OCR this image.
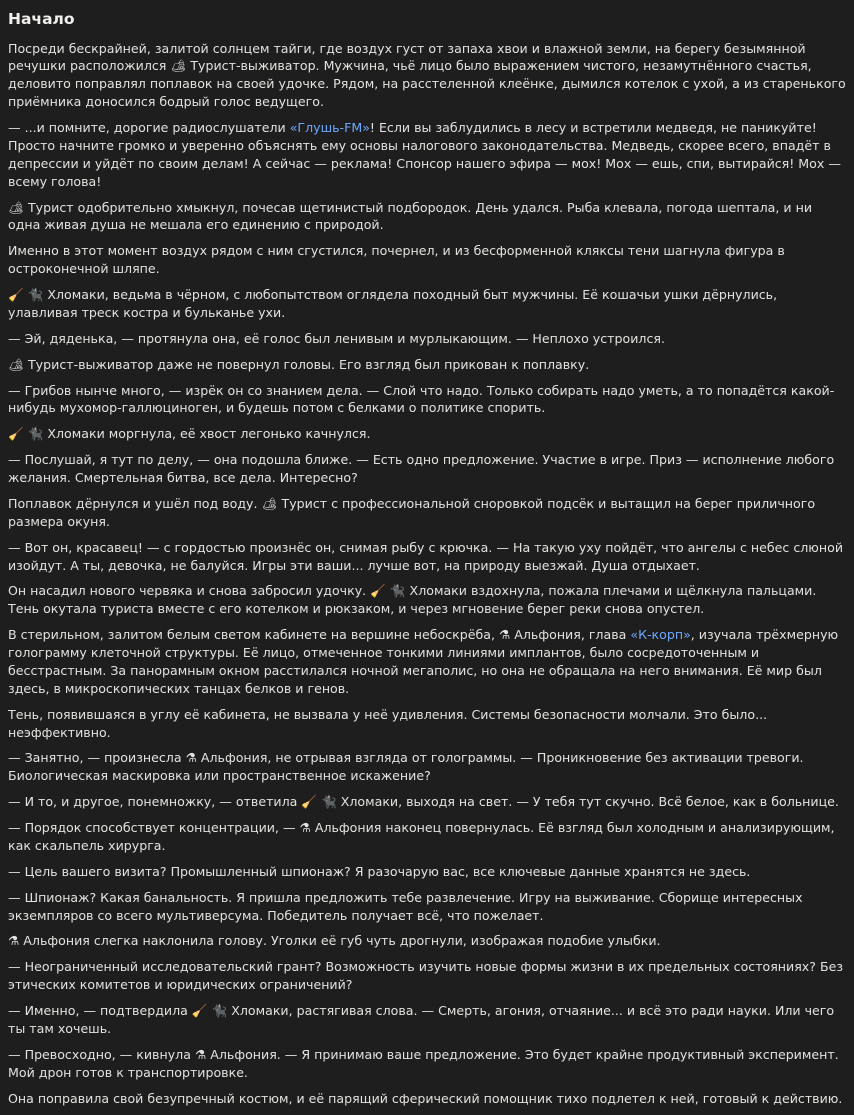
Начало

Посреди бескрайней, залитой солнцем тайги, где воздух густ от запаха хвои и влажной земли, на берегу безымянной речушки расположился 🏕 Турист-выживатор. Мужчина, чьё лицо было выражением чистого, незамутнённого счастья, деловито поправлял поплавок на своей удочке. Рядом, на расстеленной клеёнке, дымился котелок с ухой, а из старенького приёмника доносился бодрый голос ведущего.

— ...и помните, дорогие радиослушатели «Глушь-FM»! Если вы заблудились в лесу и встретили медведя, не паникуйте! Просто начните громко и уверенно объяснять ему основы налогового законодательства. Медведь, скорее всего, впадёт в депрессии и уйдёт по своим делам! А сейчас — реклама! Спонсор нашего эфира — мох! Мох — ешь, спи, вытирайся! Мох — всему голова!

🏕 Турист одобрительно хмыкнул, почесав щетинистый подбородок. День удался. Рыба клевала, погода шептала, и ни одна живая душа не мешала его единению с природой.

Именно в этот момент воздух рядом с ним сгустился, почернел, и из бесформенной кляксы тени шагнула фигура в остроконечной шляпе.

🧹 🐈‍⬛ Хломаки, ведьма в чёрном, с любопытством оглядела походный быт мужчины. Её кошачьи ушки дёрнулись, улавливая треск костра и бульканье ухи.

— Эй, дяденька, — протянула она, её голос был ленивым и мурлыкающим. — Неплохо устроился.

🏕 Турист-выживатор даже не повернул головы. Его взгляд был прикован к поплавку.

— Грибов нынче много, — изрёк он со знанием дела. — Слой что надо. Только собирать надо уметь, а то попадётся какой-нибудь мухомор-галлюциноген, и будешь потом с белками о политике спорить.

🧹 🐈‍⬛ Хломаки моргнула, её хвост легонько качнулся.

— Послушай, я тут по делу, — она подошла ближе. — Есть одно предложение. Участие в игре. Приз — исполнение любого желания. Смертельная битва, все дела. Интересно?

Поплавок дёрнулся и ушёл под воду. 🏕 Турист с профессиональной сноровкой подсёк и вытащил на берег приличного размера окуня.

— Вот он, красавец! — с гордостью произнёс он, снимая рыбу с крючка. — На такую уху пойдёт, что ангелы с небес слюной изойдут. А ты, девочка, не балуйся. Игры эти ваши... лучше вот, на природу выезжай. Душа отдыхает.

Он насадил нового червяка и снова забросил удочку. 🧹 🐈‍⬛ Хломаки вздохнула, пожала плечами и щёлкнула пальцами. Тень окутала туриста вместе с его котелком и рюкзаком, и через мгновение берег реки снова опустел.

В стерильном, залитом белым светом кабинете на вершине небоскрёба, ⚗ Альфония, глава «К-корп», изучала трёхмерную голограмму клеточной структуры. Её лицо, отмеченное тонкими линиями имплантов, было сосредоточенным и бесстрастным. За панорамным окном расстилался ночной мегаполис, но она не обращала на него внимания. Её мир был здесь, в микроскопических танцах белков и генов.

Тень, появившаяся в углу её кабинета, не вызвала у неё удивления. Системы безопасности молчали. Это было... неэффективно.

— Занятно, — произнесла ⚗ Альфония, не отрывая взгляда от голограммы. — Проникновение без активации тревоги. Биологическая маскировка или пространственное искажение?

— И то, и другое, понемножку, — ответила 🧹 🐈‍⬛ Хломаки, выходя на свет. — У тебя тут скучно. Всё белое, как в больнице.

— Порядок способствует концентрации, — ⚗ Альфония наконец повернулась. Её взгляд был холодным и анализирующим, как скальпель хирурга.

— Цель вашего визита? Промышленный шпионаж? Я разочарую вас, все ключевые данные хранятся не здесь.

— Шпионаж? Какая банальность. Я пришла предложить тебе развлечение. Игру на выживание. Сборище интересных экземпляров со всего мультиверсума. Победитель получает всё, что пожелает.

⚗ Альфония слегка наклонила голову. Уголки её губ чуть дрогнули, изображая подобие улыбки.

— Неограниченный исследовательский грант? Возможность изучить новые формы жизни в их предельных состояниях? Без этических комитетов и юридических ограничений?

— Именно, — подтвердила 🧹 🐈‍⬛ Хломаки, растягивая слова. — Смерть, агония, отчаяние... и всё это ради науки. Или чего ты там хочешь.

— Превосходно, — кивнула ⚗ Альфония. — Я принимаю ваше предложение. Это будет крайне продуктивный эксперимент. Мой дрон готов к транспортировке.

Она поправила свой безупречный костюм, и её парящий сферический помощник тихо подлетел к ней, готовый к действию.
